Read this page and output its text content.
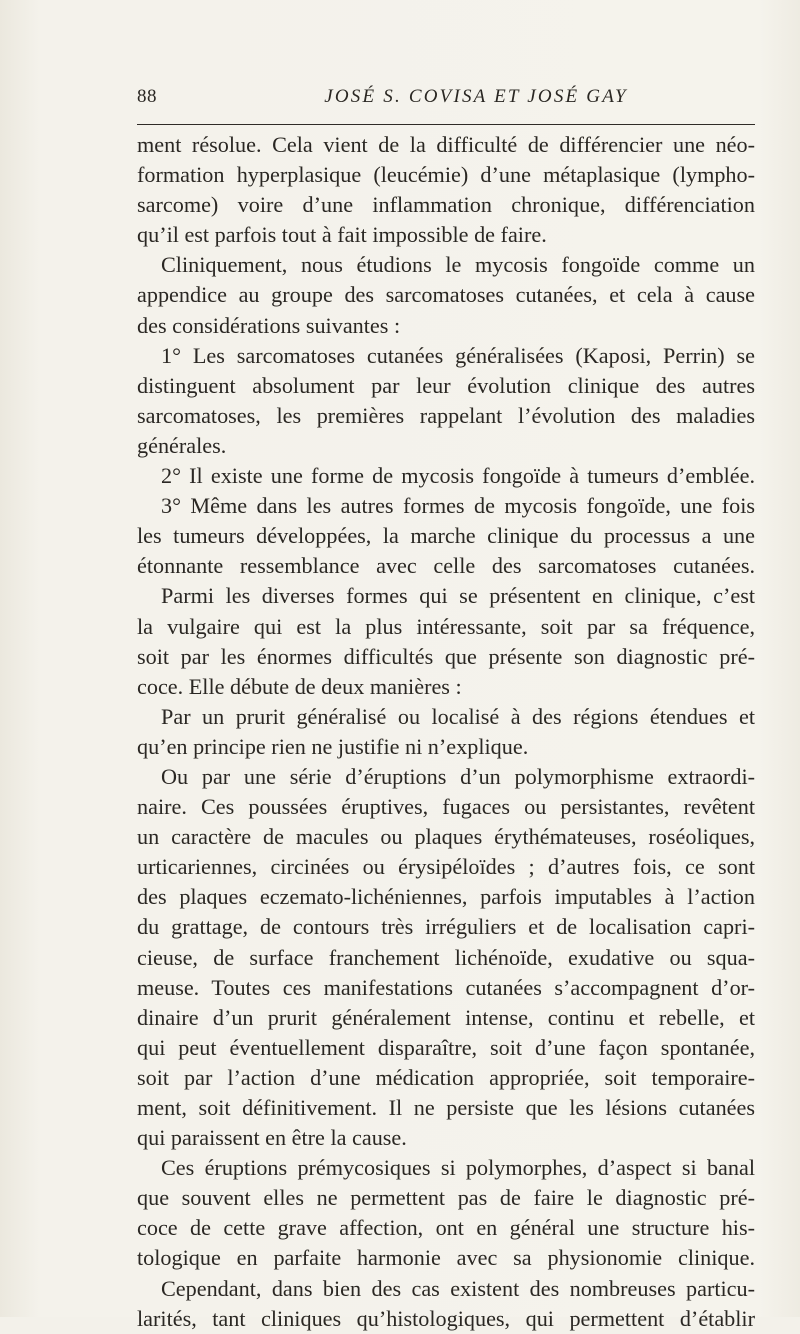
88	JOSÉ S. COVISA ET JOSÉ GAY
ment résolue. Cela vient de la difficulté de différencier une néo-
formation hyperplasique (leucémie) d’une métaplasique (lympho-
sarcome) voire d’une inflammation chronique, différenciation
qu’il est parfois tout à fait impossible de faire.
Cliniquement, nous étudions le mycosis fongoïde comme un
appendice au groupe des sarcomatoses cutanées, et cela à cause
des considérations suivantes :
1° Les sarcomatoses cutanées généralisées (Kaposi, Perrin) se
distinguent absolument par leur évolution clinique des autres
sarcomatoses, les premières rappelant l’évolution des maladies
générales.
2° Il existe une forme de mycosis fongoïde à tumeurs d’emblée.
3° Même dans les autres formes de mycosis fongoïde, une fois
les tumeurs développées, la marche clinique du processus a une
étonnante ressemblance avec celle des sarcomatoses cutanées.
Parmi les diverses formes qui se présentent en clinique, c’est
la vulgaire qui est la plus intéressante, soit par sa fréquence,
soit par les énormes difficultés que présente son diagnostic pré-
coce. Elle débute de deux manières :
Par un prurit généralisé ou localisé à des régions étendues et
qu’en principe rien ne justifie ni n’explique.
Ou par une série d’éruptions d’un polymorphisme extraordi-
naire. Ces poussées éruptives, fugaces ou persistantes, revêtent
un caractère de macules ou plaques érythémateuses, roséoliques,
urticariennes, circinées ou érysipéloïdes ; d’autres fois, ce sont
des plaques eczemato-lichéniennes, parfois imputables à l’action
du grattage, de contours très irréguliers et de localisation capri-
cieuse, de surface franchement lichénoïde, exudative ou squa-
meuse. Toutes ces manifestations cutanées s’accompagnent d’or-
dinaire d’un prurit généralement intense, continu et rebelle, et
qui peut éventuellement disparaître, soit d’une façon spontanée,
soit par l’action d’une médication appropriée, soit temporaire-
ment, soit définitivement. Il ne persiste que les lésions cutanées
qui paraissent en être la cause.
Ces éruptions prémycosiques si polymorphes, d’aspect si banal
que souvent elles ne permettent pas de faire le diagnostic pré-
coce de cette grave affection, ont en général une structure his-
tologique en parfaite harmonie avec sa physionomie clinique.
Cependant, dans bien des cas existent des nombreuses particu-
larités, tant cliniques qu’histologiques, qui permettent d’établir
